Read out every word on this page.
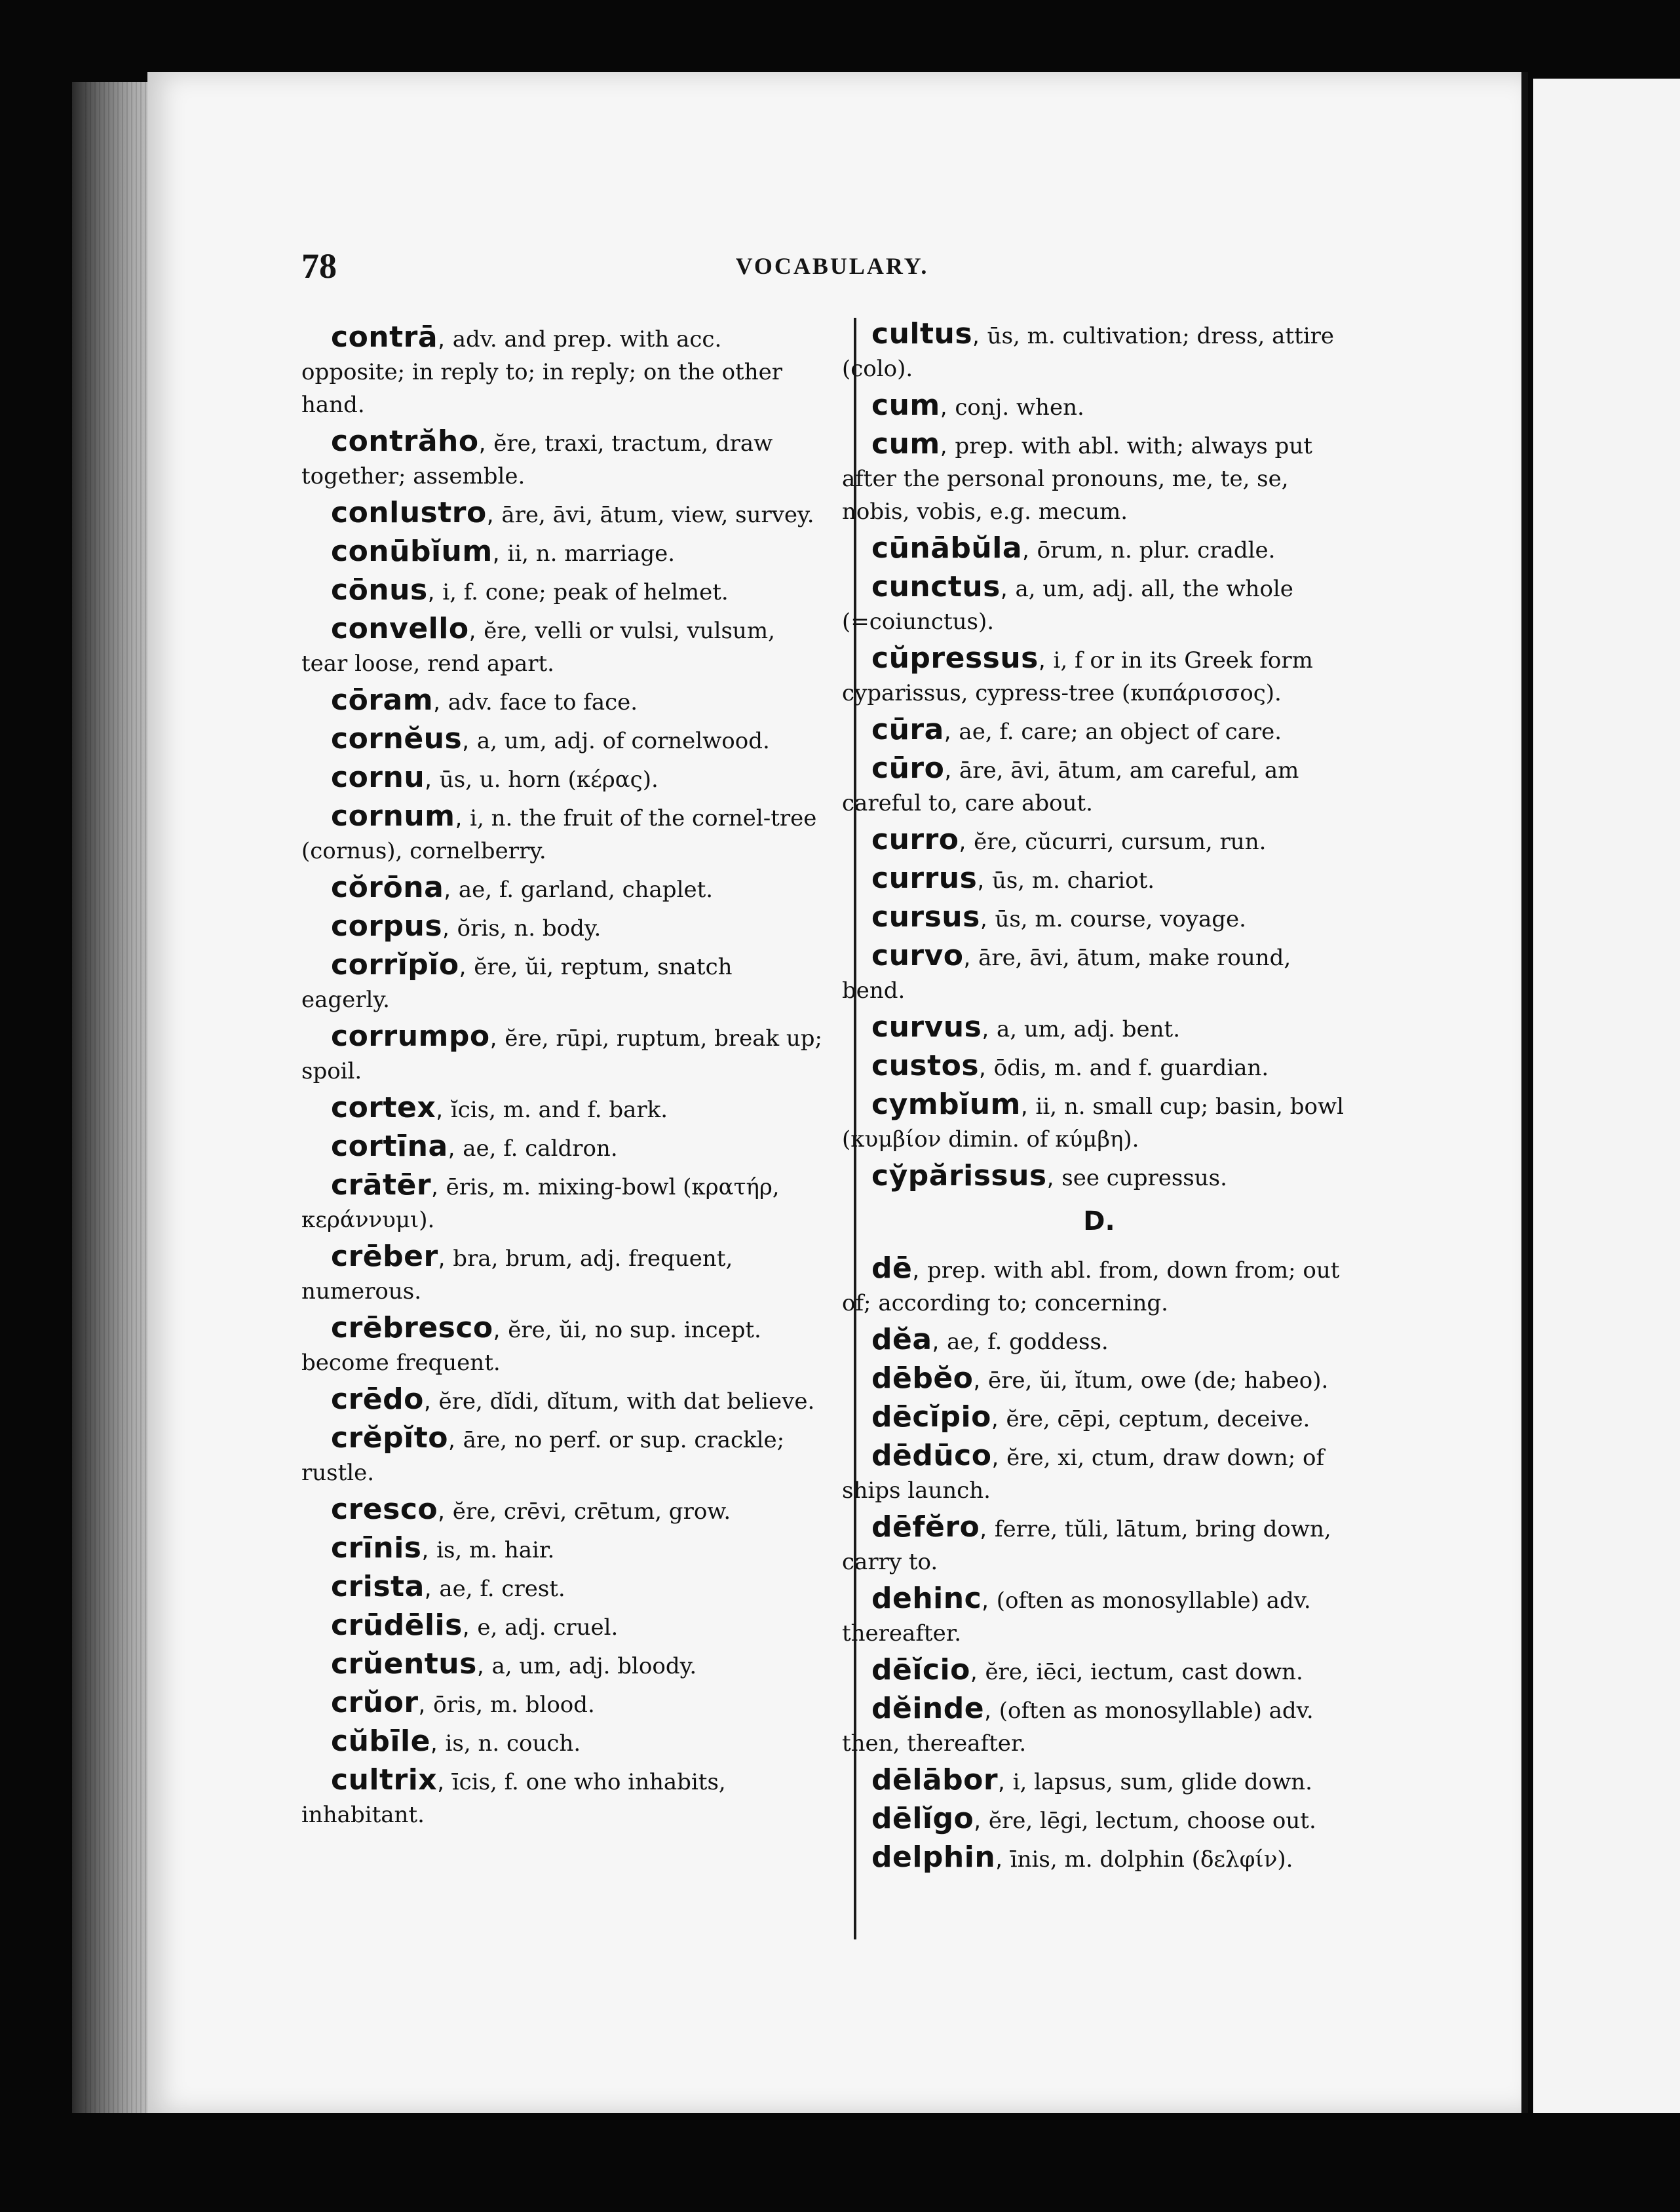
78	VOCABULARY.
contrā , adv. and prep. with acc. opposite; in reply to; in reply; on the other hand.
contrăho , ĕre, traxi, tractum, draw together; assemble.
conlustro , āre, āvi, ātum, view, survey.
conūbĭum , ii, n. marriage.
cōnus , i, f. cone; peak of helmet.
convello , ĕre, velli or vulsi, vulsum, tear loose, rend apart.
cōram , adv. face to face.
cornĕus , a, um, adj. of cornelwood.
cornu , ūs, u. horn (κέρας).
cornum , i, n. the fruit of the cornel-tree (cornus), cornelberry.
cŏrōna , ae, f. garland, chaplet.
corpus , ŏris, n. body.
corrĭpĭo , ĕre, ŭi, reptum, snatch eagerly.
corrumpo , ĕre, rūpi, ruptum, break up; spoil.
cortex , ĭcis, m. and f. bark.
cortīna , ae, f. caldron.
crātēr , ēris, m. mixing-bowl (κρατήρ, κεράννυμι).
crēber , bra, brum, adj. frequent, numerous.
crēbresco , ĕre, ŭi, no sup. incept. become frequent.
crēdo , ĕre, dĭdi, dĭtum, with dat believe.
crĕpĭto , āre, no perf. or sup. crackle; rustle.
cresco , ĕre, crēvi, crētum, grow.
crīnis , is, m. hair.
crista , ae, f. crest.
crūdēlis , e, adj. cruel.
crŭentus , a, um, adj. bloody.
crŭor , ōris, m. blood.
cŭbīle , is, n. couch.
cultrix , īcis, f. one who inhabits, inhabitant.
cultus , ūs, m. cultivation; dress, attire (colo).
cum , conj. when.
cum , prep. with abl. with; always put after the personal pronouns, me, te, se, nobis, vobis, e.g. mecum.
cūnābŭla , ōrum, n. plur. cradle.
cunctus , a, um, adj. all, the whole (=coiunctus).
cŭpressus , i, f or in its Greek form cyparissus, cypress-tree (κυπάρισσος).
cūra , ae, f. care; an object of care.
cūro , āre, āvi, ātum, am careful, am careful to, care about.
curro , ĕre, cŭcurri, cursum, run.
currus , ūs, m. chariot.
cursus , ūs, m. course, voyage.
curvo , āre, āvi, ātum, make round, bend.
curvus , a, um, adj. bent.
custos , ōdis, m. and f. guardian.
cymbĭum , ii, n. small cup; basin, bowl (κυμβίον dimin. of κύμβη).
cўpărissus , see cupressus.
D.
dē , prep. with abl. from, down from; out of; according to; concerning.
dĕa , ae, f. goddess.
dēbĕo , ēre, ŭi, ĭtum, owe (de; habeo).
dēcĭpio , ĕre, cēpi, ceptum, deceive.
dēdūco , ĕre, xi, ctum, draw down; of ships launch.
dēfĕro , ferre, tŭli, lātum, bring down, carry to.
dehinc , (often as monosyllable) adv. thereafter.
dēĭcio , ĕre, iēci, iectum, cast down.
dĕinde , (often as monosyllable) adv. then, thereafter.
dēlābor , i, lapsus, sum, glide down.
dēlĭgo , ĕre, lēgi, lectum, choose out.
delphin , īnis, m. dolphin (δελφίν).
